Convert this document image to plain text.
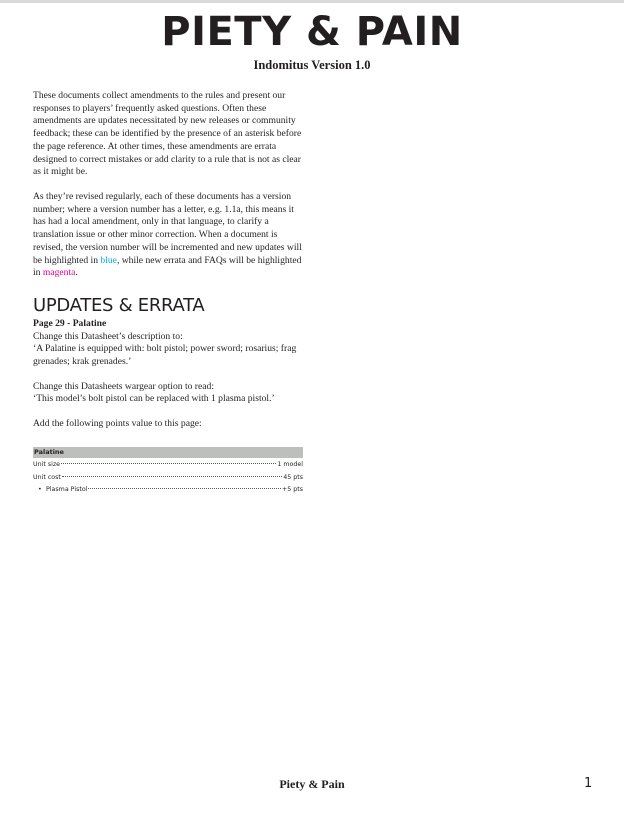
PIETY & PAIN
Indomitus Version 1.0

These documents collect amendments to the rules and present our responses to players’ frequently asked questions. Often these amendments are updates necessitated by new releases or community feedback; these can be identified by the presence of an asterisk before the page reference. At other times, these amendments are errata designed to correct mistakes or add clarity to a rule that is not as clear as it might be.

As they’re revised regularly, each of these documents has a version number; where a version number has a letter, e.g. 1.1a, this means it has had a local amendment, only in that language, to clarify a translation issue or other minor correction. When a document is revised, the version number will be incremented and new updates will be highlighted in blue, while new errata and FAQs will be highlighted in magenta.

UPDATES & ERRATA

Page 29 - Palatine

Change this Datasheet’s description to:

‘A Palatine is equipped with: bolt pistol; power sword; rosarius; frag grenades; krak grenades.’

Change this Datasheets wargear option to read:

‘This model’s bolt pistol can be replaced with 1 plasma pistol.’

Add the following points value to this page:

Palatine
Unit size	1 model
Unit cost	45 pts
• Plasma Pistol	+5 pts
Piety & Pain	1
